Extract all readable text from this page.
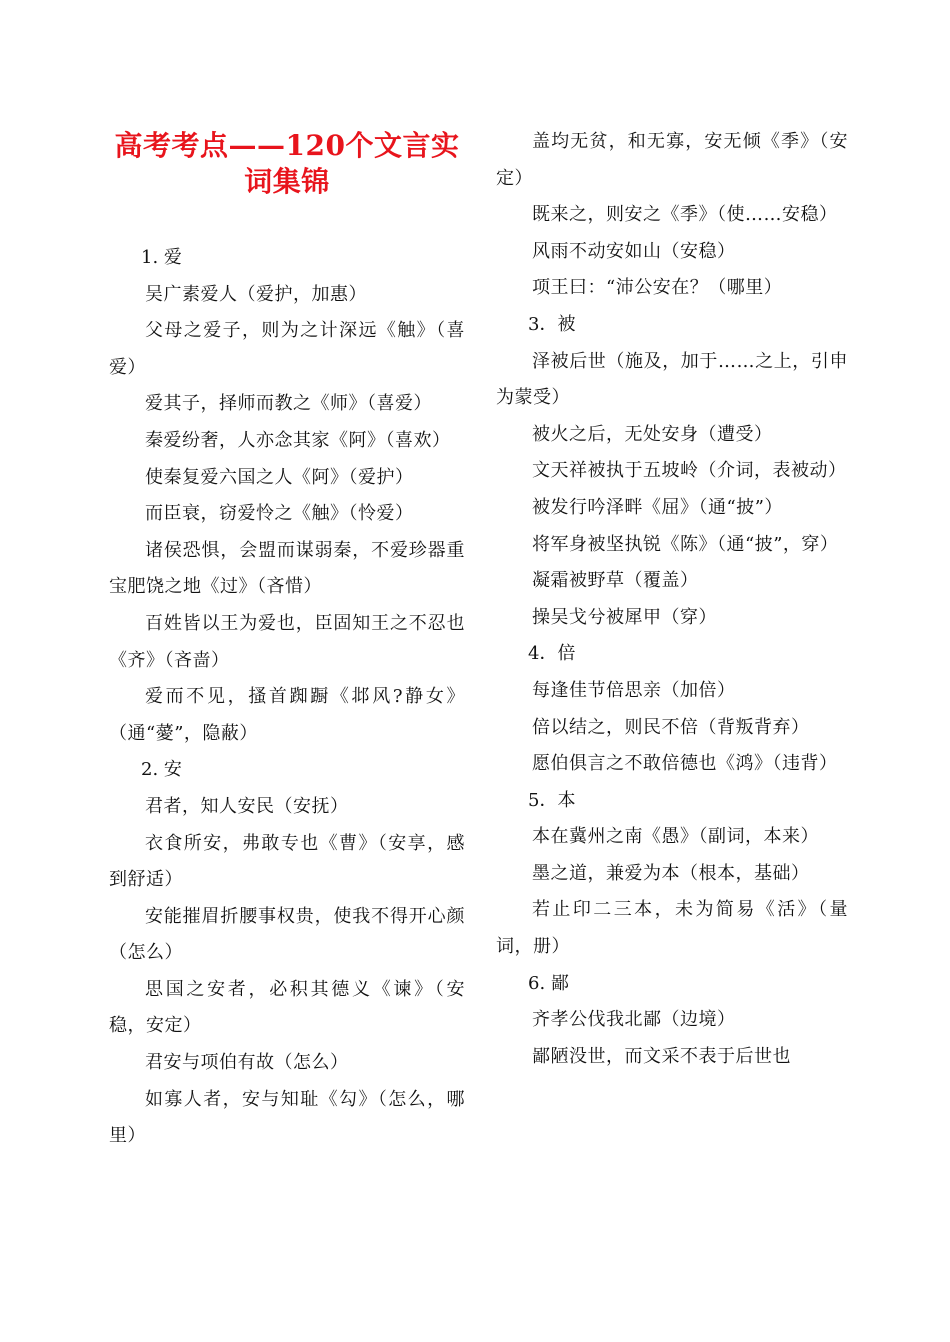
高考考点——120个文言实
词集锦

1. 爱

吴广素爱人（爱护，加惠）

父母之爱子，则为之计深远《触》（喜爱）

爱其子，择师而教之《师》（喜爱）

秦爱纷奢，人亦念其家《阿》（喜欢）

使秦复爱六国之人《阿》（爱护）

而臣衰，窃爱怜之《触》（怜爱）

诸侯恐惧，会盟而谋弱秦，不爱珍器重宝肥饶之地《过》（吝惜）

百姓皆以王为爱也，臣固知王之不忍也《齐》（吝啬）

爱而不见，搔首踟蹰《邶风?静女》（通“薆”，隐蔽）

2. 安

君者，知人安民（安抚）

衣食所安，弗敢专也《曹》（安享，感到舒适）

安能摧眉折腰事权贵，使我不得开心颜（怎么）

思国之安者，必积其德义《谏》（安稳，安定）

君安与项伯有故（怎么）

如寡人者，安与知耻《勾》（怎么，哪里）

盖均无贫，和无寡，安无倾《季》（安定）

既来之，则安之《季》（使……安稳）

风雨不动安如山（安稳）

项王曰：“沛公安在？（哪里）

3．被

泽被后世（施及，加于……之上，引申为蒙受）

被火之后，无处安身（遭受）

文天祥被执于五坡岭（介词，表被动）

被发行吟泽畔《屈》（通“披”）

将军身被坚执锐《陈》（通“披”，穿）

凝霜被野草（覆盖）

操吴戈兮被犀甲（穿）

4．倍

每逢佳节倍思亲（加倍）

倍以结之，则民不倍（背叛背弃）

愿伯俱言之不敢倍德也《鸿》（违背）

5．本

本在冀州之南《愚》（副词，本来）

墨之道，兼爱为本（根本，基础）

若止印二三本，未为简易《活》（量词，册）

6. 鄙

齐孝公伐我北鄙（边境）

鄙陋没世，而文采不表于后世也
